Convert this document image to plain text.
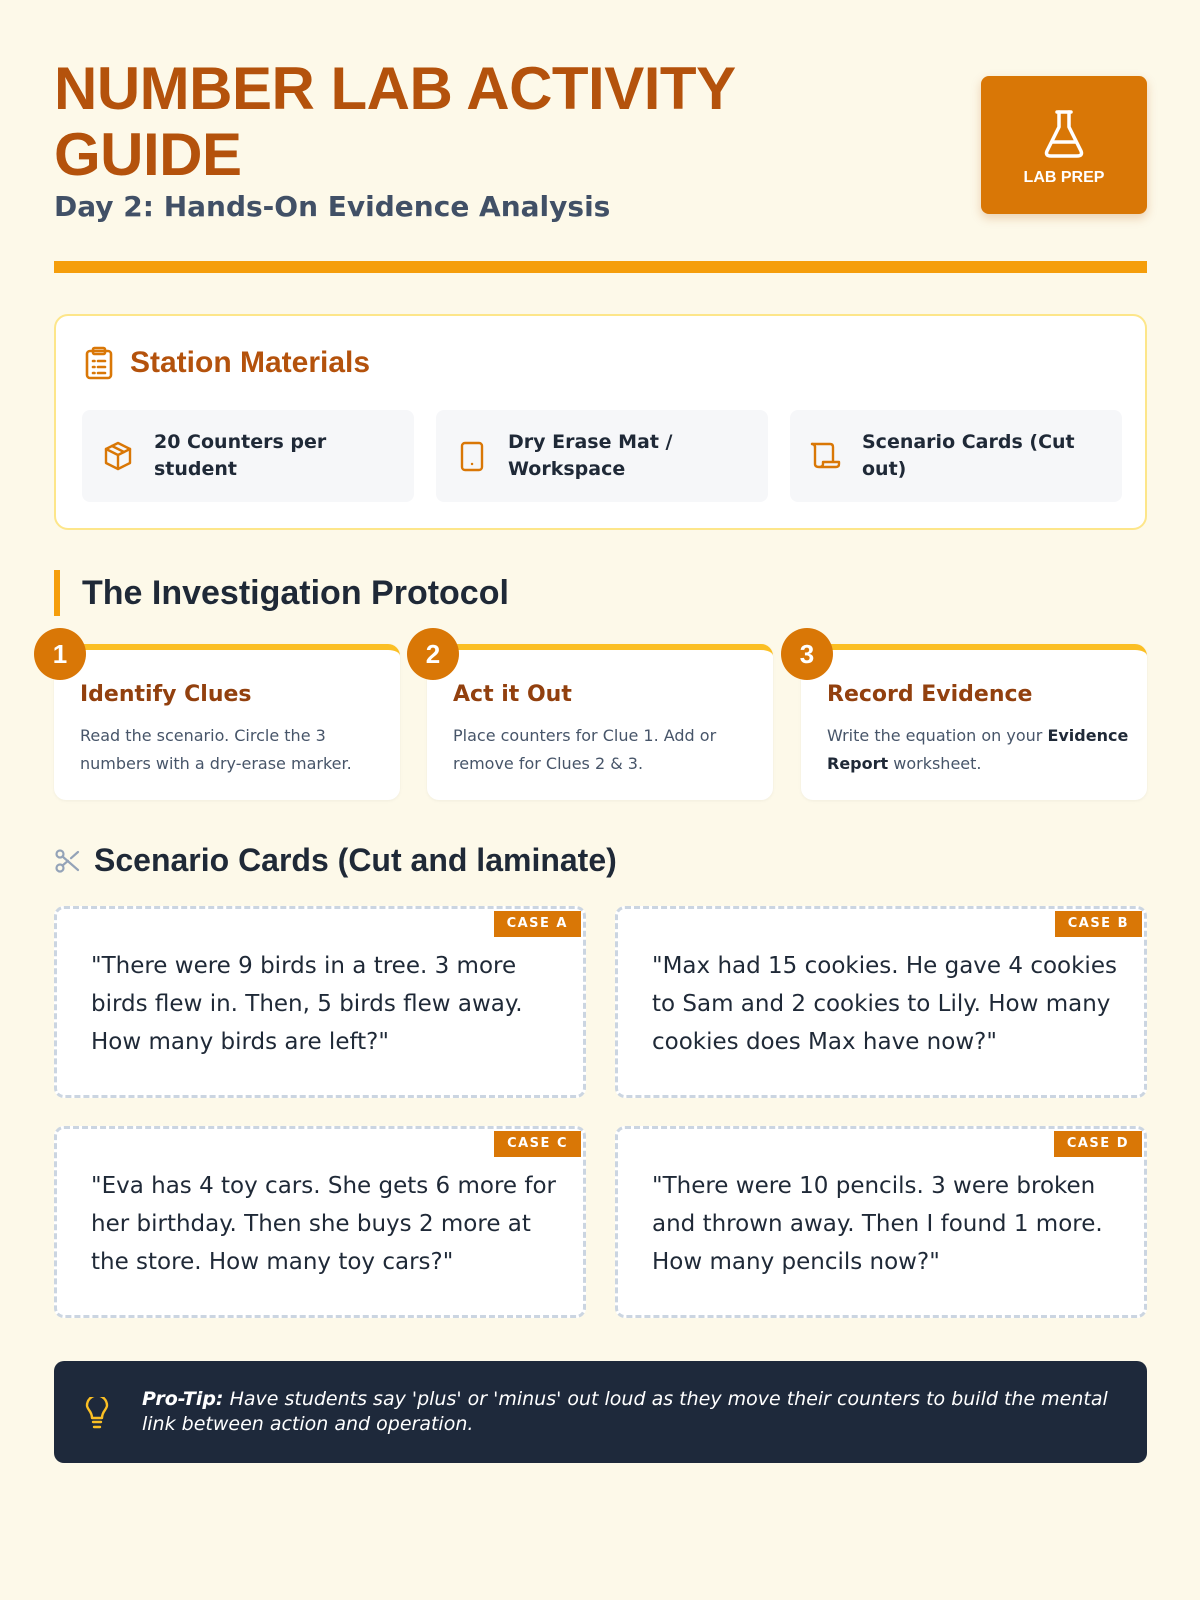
NUMBER LAB ACTIVITY GUIDE
Day 2: Hands-On Evidence Analysis
LAB PREP
Station Materials
20 Counters per student
Dry Erase Mat / Workspace
Scenario Cards (Cut out)
The Investigation Protocol
1
Identify Clues
Read the scenario. Circle the 3 numbers with a dry-erase marker.
2
Act it Out
Place counters for Clue 1. Add or remove for Clues 2 & 3.
3
Record Evidence
Write the equation on your Evidence Report worksheet.
Scenario Cards (Cut and laminate)
CASE A
"There were 9 birds in a tree. 3 more birds flew in. Then, 5 birds flew away. How many birds are left?"
CASE B
"Max had 15 cookies. He gave 4 cookies to Sam and 2 cookies to Lily. How many cookies does Max have now?"
CASE C
"Eva has 4 toy cars. She gets 6 more for her birthday. Then she buys 2 more at the store. How many toy cars?"
CASE D
"There were 10 pencils. 3 were broken and thrown away. Then I found 1 more. How many pencils now?"
Pro-Tip: Have students say 'plus' or 'minus' out loud as they move their counters to build the mental link between action and operation.
